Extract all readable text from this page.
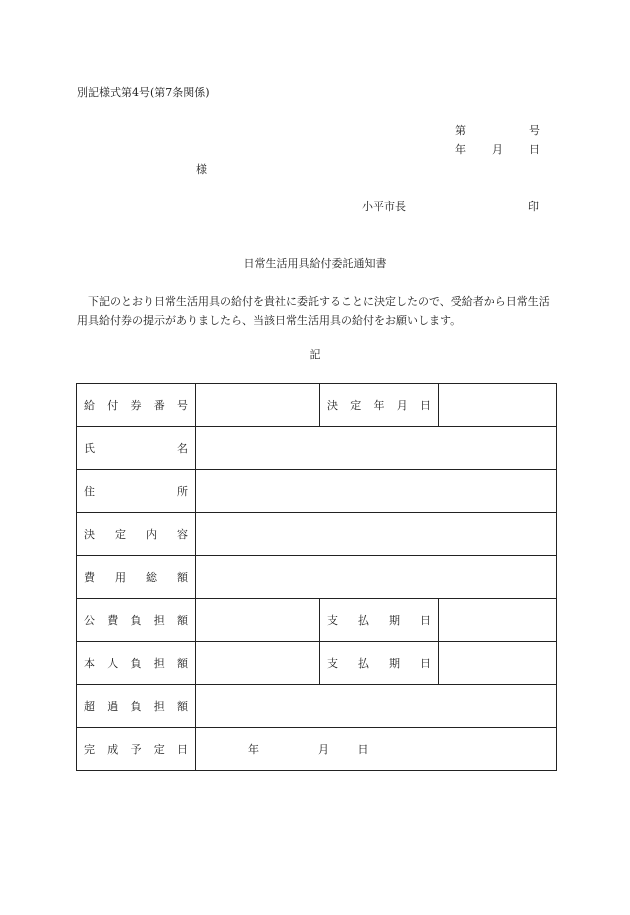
別記様式第4号(第7条関係)
第	号
年 月 日
様
小平市長	印
日常生活用具給付委託通知書
下記のとおり日常生活用具の給付を貴社に委託することに決定したので、受給者から日常生活用具給付券の提示がありましたら、当該日常生活用具の給付をお願いします。
記
給 付 券 番 号		決 定 年 月 日	

氏 名			

住 所			

決 定 内 容			

費 用 総 額			

公 費 負 担 額		支 払 期 日	

本 人 負 担 額		支 払 期 日	

超 過 負 担 額			

完 成 予 定 日	年 月 日		
